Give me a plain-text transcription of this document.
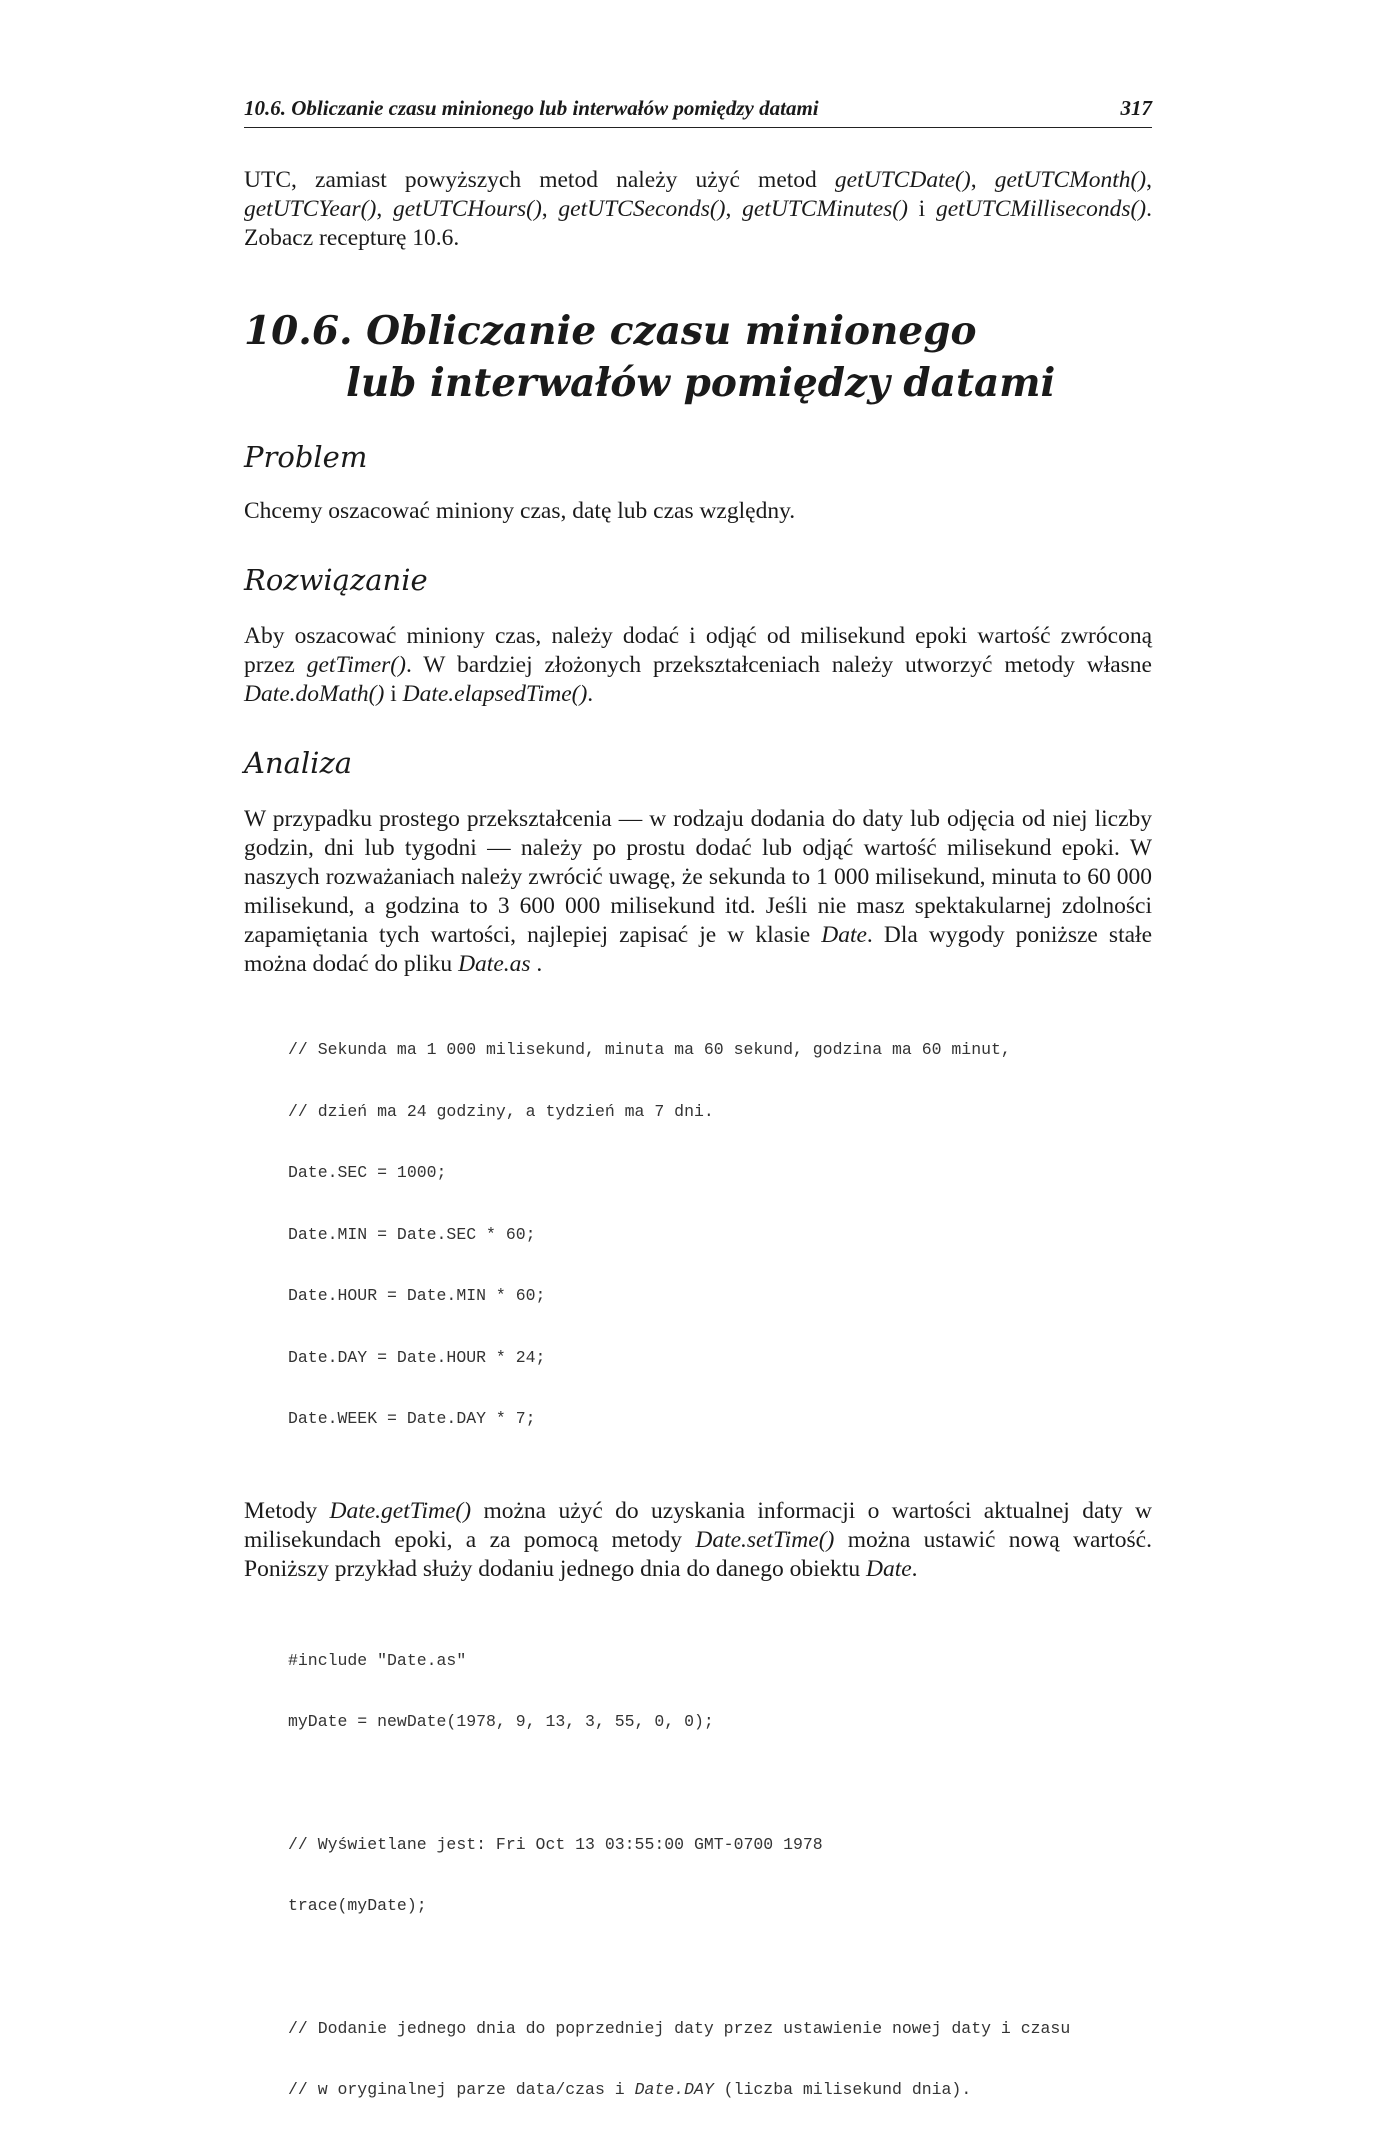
10.6. Obliczanie czasu minionego lub interwałów pomiędzy datami	317

UTC, zamiast powyższych metod należy użyć metod getUTCDate(), getUTCMonth(), getUTCYear(), getUTCHours(), getUTCSeconds(), getUTCMinutes() i getUTCMilliseconds(). Zobacz recepturę 10.6.

10.6. Obliczanie czasu minionego
lub interwałów pomiędzy datami
Problem

Chcemy oszacować miniony czas, datę lub czas względny.

Rozwiązanie

Aby oszacować miniony czas, należy dodać i odjąć od milisekund epoki wartość zwróconą przez getTimer(). W bardziej złożonych przekształceniach należy utworzyć metody własne Date.doMath() i Date.elapsedTime().

Analiza

W przypadku prostego przekształcenia — w rodzaju dodania do daty lub odjęcia od niej liczby godzin, dni lub tygodni — należy po prostu dodać lub odjąć wartość milisekund epoki. W naszych rozważaniach należy zwrócić uwagę, że sekunda to 1 000 milisekund, minuta to 60 000 milisekund, a godzina to 3 600 000 milisekund itd. Jeśli nie masz spektakularnej zdolności zapamiętania tych wartości, najlepiej zapisać je w klasie Date. Dla wygody poniższe stałe można dodać do pliku Date.as .

// Sekunda ma 1 000 milisekund, minuta ma 60 sekund, godzina ma 60 minut,

// dzień ma 24 godziny, a tydzień ma 7 dni.

Date.SEC = 1000;

Date.MIN = Date.SEC * 60;

Date.HOUR = Date.MIN * 60;

Date.DAY = Date.HOUR * 24;

Date.WEEK = Date.DAY * 7;

Metody Date.getTime() można użyć do uzyskania informacji o wartości aktualnej daty w milisekundach epoki, a za pomocą metody Date.setTime() można ustawić nową wartość. Poniższy przykład służy dodaniu jednego dnia do danego obiektu Date.

#include "Date.as"

myDate = newDate(1978, 9, 13, 3, 55, 0, 0);

// Wyświetlane jest: Fri Oct 13 03:55:00 GMT-0700 1978

trace(myDate);

// Dodanie jednego dnia do poprzedniej daty przez ustawienie nowej daty i czasu

// w oryginalnej parze data/czas i Date.DAY (liczba milisekund dnia).
